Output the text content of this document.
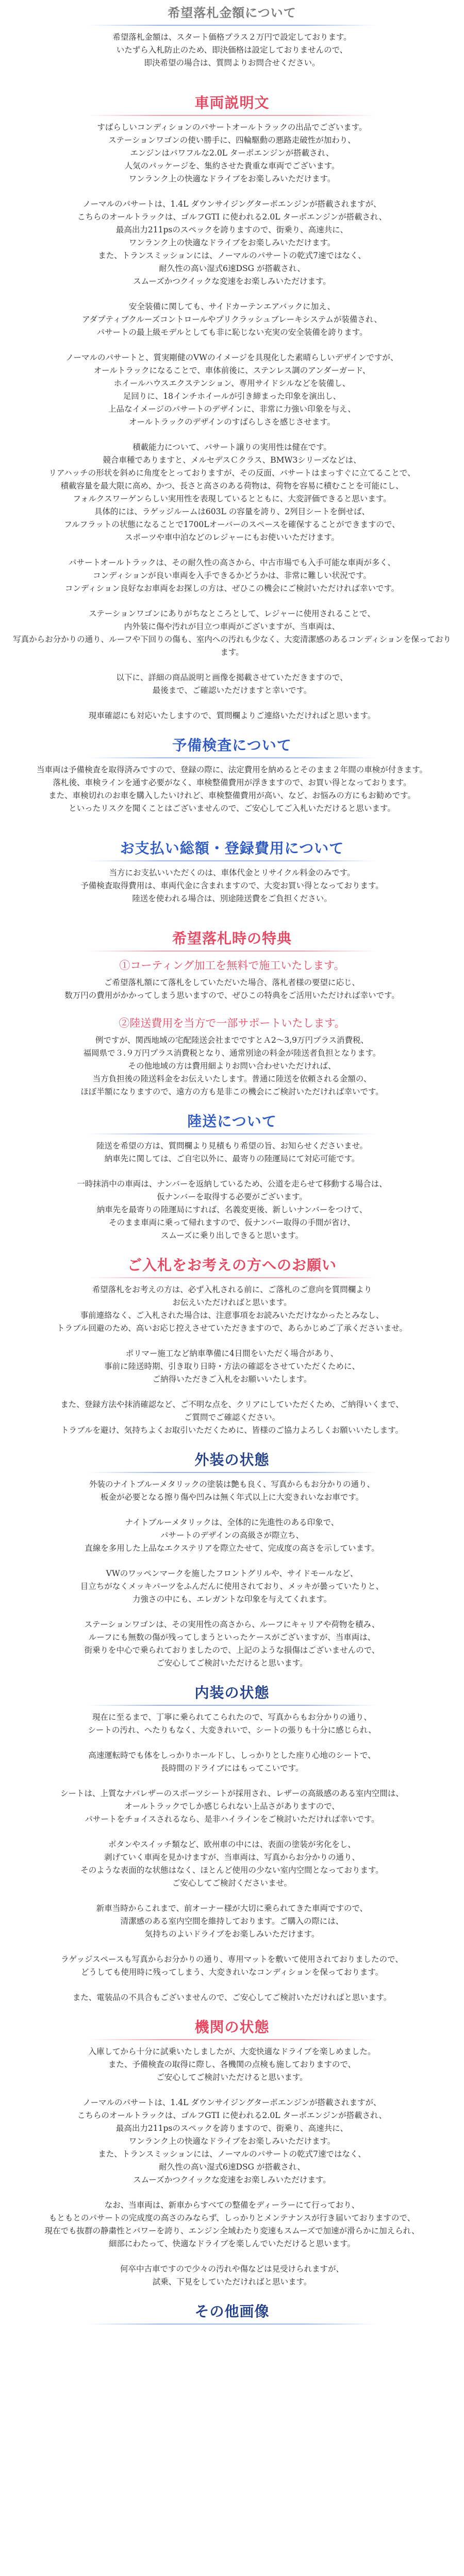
希望落札金額について

希望落札金額は、スタート価格プラス２万円で設定しております。
いたずら入札防止のため、即決価格は設定しておりませんので、
即決希望の場合は、質問よりお問合せください。

車両説明文

すばらしいコンディションのパサートオールトラックの出品でございます。
ステーションワゴンの使い勝手に、四輪駆動の悪路走破性が加わり、
エンジンはパワフルな2.0L ターボエンジンが搭載され、
人気のパッケージを、集約させた貴重な車両でございます。
ワンランク上の快適なドライブをお楽しみいただけます。

ノーマルのパサートは、1.4L ダウンサイジングターボエンジンが搭載されますが、
こちらのオールトラックは、ゴルフGTI に使われる2.0L ターボエンジンが搭載され、
最高出力211psのスペックを誇りますので、街乗り、高速共に、
ワンランク上の快適なドライブをお楽しみいただけます。
また、トランスミッションには、ノーマルのパサートの乾式7速ではなく、
耐久性の高い湿式6速DSG が搭載され、
スムーズかつクイックな変速をお楽しみいただけます。

安全装備に関しても、サイドカーテンエアバックに加え、
アダプティブクルーズコントロールやプリクラッシュブレーキシステムが装備され、
パサートの最上級モデルとしても非に恥じない充実の安全装備を誇ります。

ノーマルのパサートと、質実剛健のVWのイメージを具現化した素晴らしいデザインですが、
オールトラックになることで、車体前後に、ステンレス調のアンダーガード、
ホイールハウスエクステンション、専用サイドシルなどを装備し、
足回りに、18インチホイールが引き締まった印象を演出し、
上品なイメージのパサートのデザインに、非常に力強い印象を与え、
オールトラックのデザインのすばらしさを感じさせます。

積載能力について、パサート譲りの実用性は健在です。
競合車種でありますと、メルセデスＣクラス、BMW3シリーズなどは、
リアハッチの形状を斜めに角度をとっておりますが、その反面、パサートはまっすぐに立てることで、
積載容量を最大限に高め、かつ、長さと高さのある荷物は、荷物を容易に積むことを可能にし、
フォルクスワーゲンらしい実用性を表現しているとともに、大変評価できると思います。
具体的には、ラゲッジルームは603L の容量を誇り、2列目シートを倒せば、
フルフラットの状態になることで1700Lオーバーのスペースを確保することができますので、
スポーツや車中泊などのレジャーにもお使いいただけます。

パサートオールトラックは、その耐久性の高さから、中古市場でも入手可能な車両が多く、
コンディションが良い車両を入手できるかどうかは、非常に難しい状況です。
コンディション良好なお車両をお探しの方は、ぜひこの機会にご検討いただければ幸いです。

ステーションワゴンにありがちなところとして、レジャーに使用されることで、
内外装に傷や汚れが目立つ車両がございますが、当車両は、
写真からお分かりの通り、ルーフや下回りの傷も、室内への汚れも少なく、大変清潔感のあるコンディションを保っております。

以下に、詳細の商品説明と画像を掲載させていただきますので、
最後まで、ご確認いただけますと幸いです。

現車確認にも対応いたしますので、質問欄よりご連絡いただければと思います。

予備検査について

当車両は予備検査を取得済みですので、登録の際に、法定費用を納めるとそのまま２年間の車検が付きます。
落札後、車検ラインを通す必要がなく、車検整備費用が浮きますので、お買い得となっております。
また、車検切れのお車を購入したいけれど、車検整備費用が高い、など、お悩みの方にもお勧めです。
といったリスクを聞くことはございませんので、ご安心してご入札いただけると思います。

お支払い総額・登録費用について

当方にお支払いいただくのは、車体代金とリサイクル料金のみです。
予備検査取得費用は、車両代金に含まれますので、大変お買い得となっております。
陸送を使われる場合は、別途陸送費をご負担ください。

希望落札時の特典
①コーティング加工を無料で施工いたします。

ご希望落札額にて落札をしていただいた場合、落札者様の要望に応じ、
数万円の費用がかかってしまう思いますので、ぜひこの特典をご活用いただければ幸いです。

②陸送費用を当方で一部サポートいたします。

例ですが、関西地域の宅配陸送会社までですとＡ2〜3,9万円プラス消費税、
福岡県で３.９万円プラス消費税となり、通常別途の料金が陸送者負担となります。
その他地域の方は費用細よりお問い合わせいただければ、
当方負担後の陸送料金をお伝えいたします。普通に陸送を依頼される金額の、
ほぼ半額になりますので、遠方の方も是非この機会にご検討いただければ幸いです。

陸送について

陸送を希望の方は、質問欄より見積もり希望の旨、お知らせくださいませ。
納車先に関しては、ご自宅以外に、最寄りの陸運局にて対応可能です。

一時抹消中の車両は、ナンバーを返納しているため、公道を走らせて移動する場合は、
仮ナンバーを取得する必要がございます。
納車先を最寄りの陸運局にすれば、名義変更後、新しいナンバーをつけて、
そのまま車両に乗って帰れますので、仮ナンバー取得の手間が省け、
スムーズに乗り出しできると思います。

ご入札をお考えの方へのお願い

希望落札をお考えの方は、必ず入札される前に、ご落札のご意向を質問欄より
お伝えいただければと思います。
事前連絡なく、ご入札された場合は、注意事項をお読みいただけなかったとみなし、
トラブル回避のため、高いお応じ控えさせていただきますので、あらかじめご了承くださいませ。

ポリマー施工など納車準備に4日間をいただく場合があり、
事前に陸送時期、引き取り日時・方法の確認をさせていただくために、
ご納得いただきご入札をお願いいたします。

また、登録方法や抹消確認など、ご不明な点を、クリアにしていただくため、ご納得いくまで、
ご質問でご確認ください。
トラブルを避け、気持ちよくお取引いただくために、皆様のご協力よろしくお願いいたします。

外装の状態

外装のナイトブルーメタリックの塗装は艶も良く、写真からもお分かりの通り、
板金が必要となる擦り傷や凹みは無く年式以上に大変きれいなお車です。

ナイトブルーメタリックは、全体的に先進性のある印象で、
パサートのデザインの高級さが際立ち、
直線を多用した上品なエクステリアを際立たせて、完成度の高さを示しています。

VWのワッペンマークを施したフロントグリルや、サイドモールなど、
目立ちがなくメッキパーツをふんだんに使用されており、メッキが曇っていたりと、
力強さの中にも、エレガントな印象を与えてくれます。

ステーションワゴンは、その実用性の高さから、ルーフにキャリアや荷物を積み、
ルーフにも無数の傷が残ってしまうといったケースがございますが、当車両は、
街乗りを中心で乗られておりましたので、上記のような損傷はございませんので、
ご安心してご検討いただけると思います。

内装の状態

現在に至るまで、丁寧に乗られてこられたので、写真からもお分かりの通り、
シートの汚れ、へたりもなく、大変きれいで、シートの張りも十分に感じられ、

高速運転時でも体をしっかりホールドし、しっかりとした座り心地のシートで、
長時間のドライブにはもってこいです。

シートは、上質なナパレザーのスポーツシートが採用され、レザーの高級感のある室内空間は、
オールトラックでしか感じられない上品さがありますので、
パサートをチョイスされるなら、是非ハイラインをご検討いただければ幸いです。

ボタンやスイッチ類など、欧州車の中には、表面の塗装が劣化をし、
剥げていく車両を見かけますが、当車両は、写真からお分かりの通り、
そのような表面的な状態はなく、ほとんど使用の少ない室内空間となっております。
ご安心してご検討くださいませ。

新車当時からこれまで、前オーナー様が大切に乗られてきた車両ですので、
清潔感のある室内空間を維持しております。ご購入の際には、
気持ちのよいドライブをお楽しみいただけます。

ラゲッジスペースも写真からお分かりの通り、専用マットを敷いて使用されておりましたので、
どうしても使用時に残ってしまう、大変きれいなコンディションを保っております。

また、電装品の不具合もございませんので、ご安心してご検討いただければと思います。

機関の状態

入庫してから十分に試乗いたしましたが、大変快適なドライブを楽しめました。
また、予備検査の取得に際し、各機関の点検も施しておりますので、
ご安心してご検討いただけると思います。

ノーマルのパサートは、1.4L ダウンサイジングターボエンジンが搭載されますが、
こちらのオールトラックは、ゴルフGTI に使われる2.0L ターボエンジンが搭載され、
最高出力211psのスペックを誇りますので、街乗り、高速共に、
ワンランク上の快適なドライブをお楽しみいただけます。
また、トランスミッションには、ノーマルのパサートの乾式7速ではなく、
耐久性の高い湿式6速DSG が搭載され、
スムーズかつクイックな変速をお楽しみいただけます。

なお、当車両は、新車からすべての整備をディーラーにて行っており、
もともとのパサートの完成度の高さのみならず、しっかりとメンテナンスが行き届いておりますので、
現在でも抜群の静粛性とパワーを誇り、エンジン全域わたり変速もスムーズで加速が滑らかに加えられ、
細部にわたって、快適なドライブを楽しんでいただけると思います。

何卒中古車ですので少々の汚れや傷などは見受けられますが、
試乗、下見をしていただければと思います。

その他画像
